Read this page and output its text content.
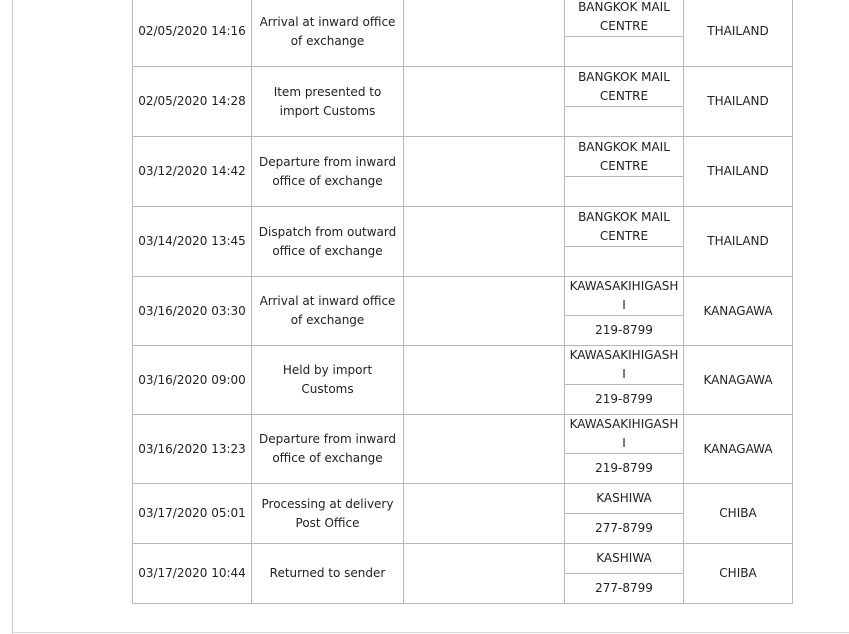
02/05/2020 14:16	Arrival at inward office of exchange		BANGKOK MAIL CENTRE	THAILAND

02/05/2020 14:28	Item presented to import Customs		BANGKOK MAIL CENTRE	THAILAND

03/12/2020 14:42	Departure from inward office of exchange		BANGKOK MAIL CENTRE	THAILAND

03/14/2020 13:45	Dispatch from outward office of exchange		BANGKOK MAIL CENTRE	THAILAND

03/16/2020 03:30	Arrival at inward office of exchange		KAWASAKIHIGASHI	KANAGAWA
			219-8799	
03/16/2020 09:00	Held by import Customs		KAWASAKIHIGASHI	KANAGAWA
			219-8799	
03/16/2020 13:23	Departure from inward office of exchange		KAWASAKIHIGASHI	KANAGAWA
			219-8799	
03/17/2020 05:01	Processing at delivery Post Office		KASHIWA	CHIBA
			277-8799	
03/17/2020 10:44	Returned to sender		KASHIWA	CHIBA
			277-8799	
